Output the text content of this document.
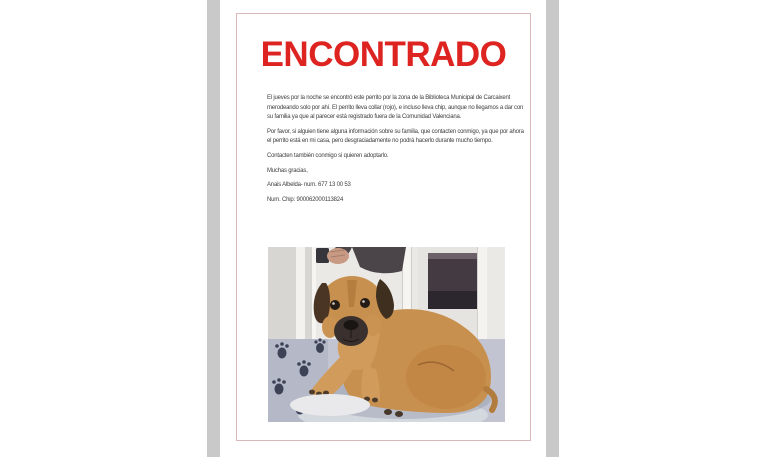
ENCONTRADO

El jueves por la noche se encontró este perrito por la zona de la Biblioteca Municipal de Carcaixent merodeando solo por ahí. El perrito lleva collar (rojo), e incluso lleva chip, aunque no llegamos a dar con su familia ya que al parecer está registrado fuera de la Comunidad Valenciana.

Por favor, si alguien tiene alguna información sobre su familia, que contacten conmigo, ya que por ahora el perrito está en mi casa, pero desgraciadamente no podrá hacerlo durante mucho tiempo.

Contacten también conmigo si quieren adoptarlo.

Muchas gracias,

Anais Albelda- num. 677 13 00 53

Num. Chip: 900062000113824
